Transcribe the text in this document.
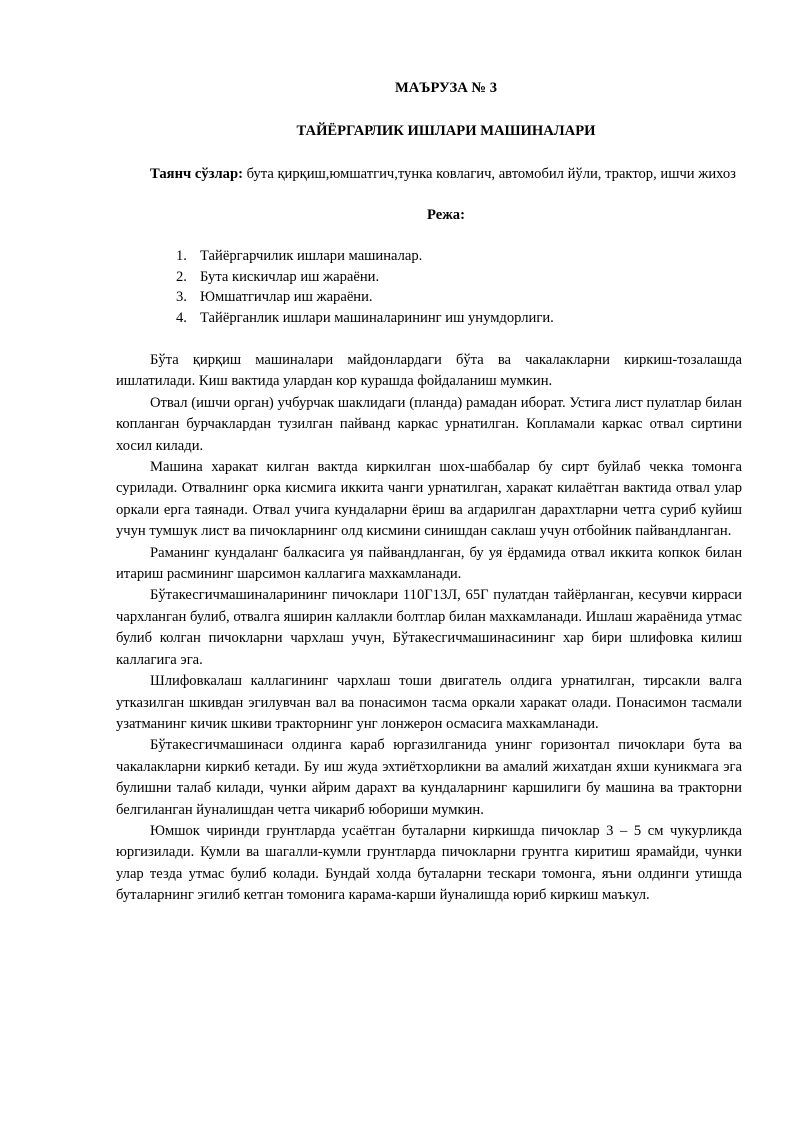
МАЪРУЗА № 3

ТАЙЁРГАРЛИК ИШЛАРИ МАШИНАЛАРИ

Таянч сўзлар: бута қирқиш,юмшатгич,тунка ковлагич, автомобил йўли, трактор, ишчи жихоз

Режа:

1. Тайёргарчилик ишлари машиналар.
2. Бута кискичлар иш жараёни.
3. Юмшатгичлар иш жараёни.
4. Тайёрганлик ишлари машиналарининг иш унумдорлиги.

Бўта қирқиш машиналари майдонлардаги бўта ва чакалакларни киркиш-тозалашда ишлатилади. Киш вактида улардан кор курашда фойдаланиш мумкин.

Отвал (ишчи орган) учбурчак шаклидаги (планда) рамадан иборат. Устига лист пулатлар билан копланган бурчаклардан тузилган пайванд каркас урнатилган. Копламали каркас отвал сиртини хосил килади.

Машина харакат килган вактда киркилган шох-шаббалар бу сирт буйлаб чекка томонга сурилади. Отвалнинг орка кисмига иккита чанги урнатилган, харакат килаётган вактида отвал улар оркали ерга таянади. Отвал учига кундаларни ёриш ва агдарилган дарахтларни четга суриб куйиш учун тумшук лист ва пичокларнинг олд кисмини синишдан саклаш учун отбойник пайвандланган.

Раманинг кундаланг балкасига уя пайвандланган, бу уя ёрдамида отвал иккита копкок билан итариш расмининг шарсимон каллагига махкамланади.

Бўтакесгичмашиналарининг пичоклари 110Г13Л, 65Г пулатдан тайёрланган, кесувчи кирраси чархланган булиб, отвалга яширин каллакли болтлар билан махкамланади. Ишлаш жараёнида утмас булиб колган пичокларни чархлаш учун, Бўтакесгичмашинасининг хар бири шлифовка килиш каллагига эга.

Шлифовкалаш каллагининг чархлаш тоши двигатель олдига урнатилган, тирсакли валга утказилган шкивдан эгилувчан вал ва понасимон тасма оркали харакат олади. Понасимон тасмали узатманинг кичик шкиви тракторнинг унг лонжерон осмасига махкамланади.

Бўтакесгичмашинаси олдинга караб юргазилганида унинг горизонтал пичоклари бута ва чакалакларни киркиб кетади. Бу иш жуда эхтиётхорликни ва амалий жихатдан яхши куникмага эга булишни талаб килади, чунки айрим дарахт ва кундаларнинг каршилиги бу машина ва тракторни белгиланган йуналишдан четга чикариб юбориши мумкин.

Юмшок чиринди грунтларда усаётган буталарни киркишда пичоклар 3 – 5 см чукурликда юргизилади. Кумли ва шагалли-кумли грунтларда пичокларни грунтга киритиш ярамайди, чунки улар тезда утмас булиб колади. Бундай холда буталарни тескари томонга, яъни олдинги утишда буталарнинг эгилиб кетган томонига карама-карши йуналишда юриб киркиш маъкул.
